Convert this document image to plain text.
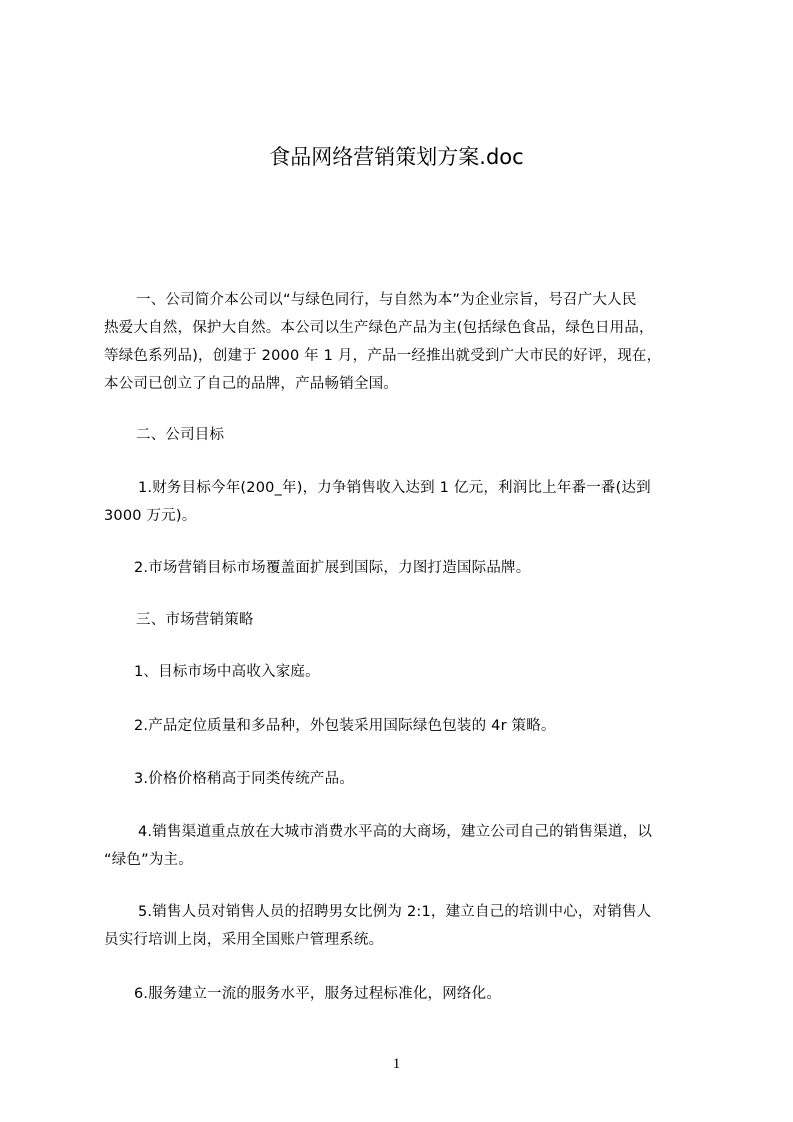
食品网络营销策划方案.doc
一、公司简介本公司以“与绿色同行，与自然为本”为企业宗旨，号召广大人民
热爱大自然，保护大自然。本公司以生产绿色产品为主(包括绿色食品，绿色日用品，
等绿色系列品)，创建于 2000 年 1 月，产品一经推出就受到广大市民的好评，现在，
本公司已创立了自己的品牌，产品畅销全国。
二、公司目标
1.财务目标今年(200_年)，力争销售收入达到 1 亿元，利润比上年番一番(达到
3000 万元)。
2.市场营销目标市场覆盖面扩展到国际，力图打造国际品牌。
三、市场营销策略
1、目标市场中高收入家庭。
2.产品定位质量和多品种，外包装采用国际绿色包装的 4r 策略。
3.价格价格稍高于同类传统产品。
4.销售渠道重点放在大城市消费水平高的大商场，建立公司自己的销售渠道，以
“绿色”为主。
5.销售人员对销售人员的招聘男女比例为 2:1，建立自己的培训中心，对销售人
员实行培训上岗，采用全国账户管理系统。
6.服务建立一流的服务水平，服务过程标准化，网络化。
1
